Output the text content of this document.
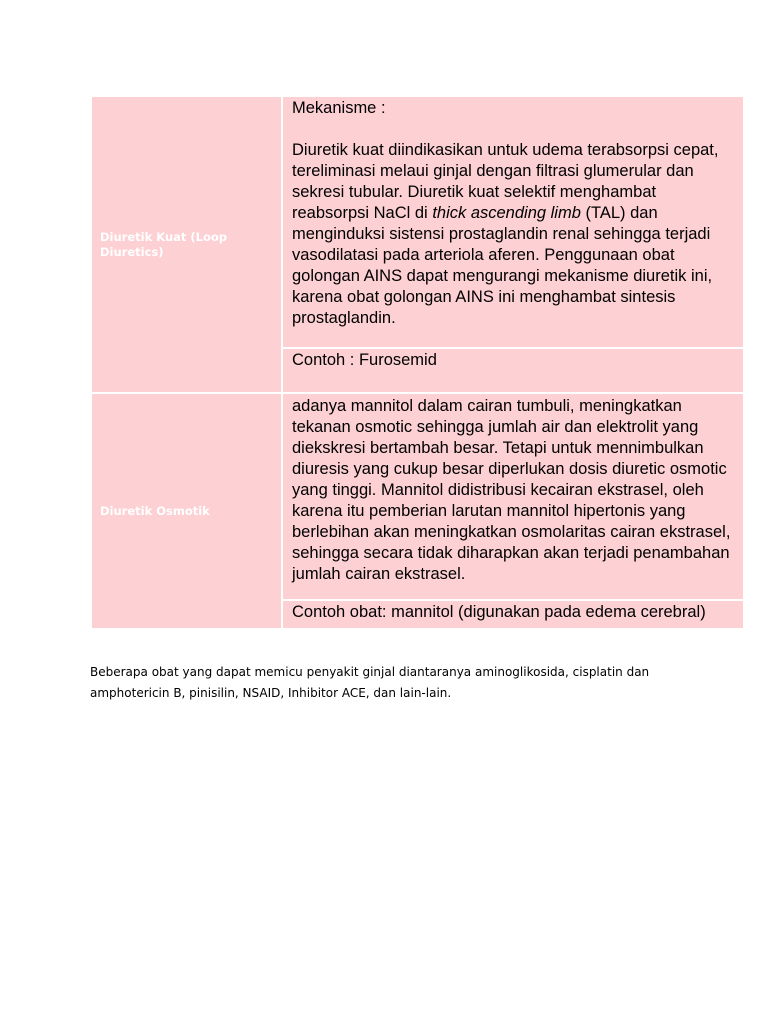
Diuretik Kuat (Loop Diuretics)	Mekanisme :

Diuretik kuat diindikasikan untuk udema terabsorpsi cepat, tereliminasi melaui ginjal dengan filtrasi glumerular dan sekresi tubular. Diuretik kuat selektif menghambat reabsorpsi NaCl di thick ascending limb (TAL) dan menginduksi sistensi prostaglandin renal sehingga terjadi vasodilatasi pada arteriola aferen. Penggunaan obat golongan AINS dapat mengurangi mekanisme diuretik ini, karena obat golongan AINS ini menghambat sintesis prostaglandin.

	Contoh : Furosemid
Diuretik Osmotik	adanya mannitol dalam cairan tumbuli, meningkatkan tekanan osmotic sehingga jumlah air dan elektrolit yang diekskresi bertambah besar. Tetapi untuk mennimbulkan diuresis yang cukup besar diperlukan dosis diuretic osmotic yang tinggi. Mannitol didistribusi kecairan ekstrasel, oleh karena itu pemberian larutan mannitol hipertonis yang berlebihan akan meningkatkan osmolaritas cairan ekstrasel, sehingga secara tidak diharapkan akan terjadi penambahan jumlah cairan ekstrasel.

	Contoh obat: mannitol (digunakan pada edema cerebral)

Beberapa obat yang dapat memicu penyakit ginjal diantaranya aminoglikosida, cisplatin dan amphotericin B, pinisilin, NSAID, Inhibitor ACE, dan lain-lain.
